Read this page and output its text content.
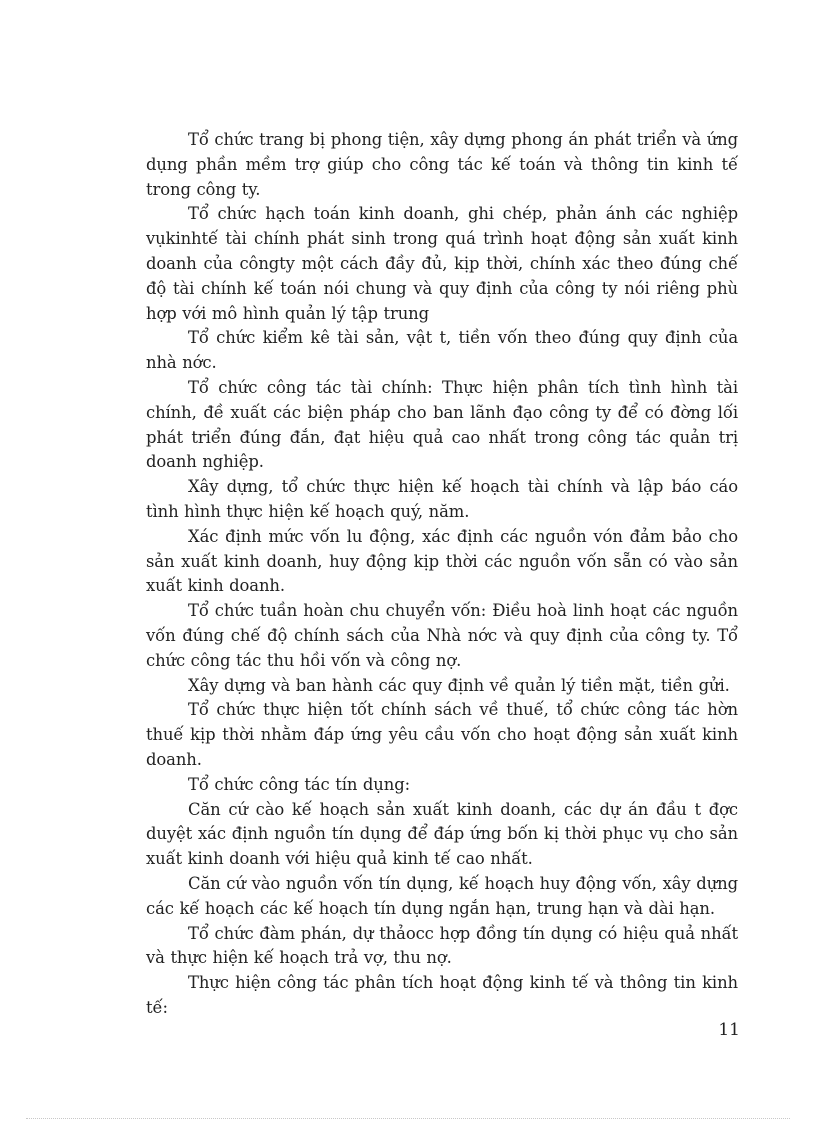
Tổ chức trang bị phong tiện, xây dựng phong án phát triển và ứng dụng phần mềm trợ giúp cho công tác kế toán và thông tin kinh tế trong công ty.

Tổ chức hạch toán kinh doanh, ghi chép, phản ánh các nghiệp vụkinhtế tài chính phát sinh trong quá trình hoạt động sản xuất kinh doanh của côngty một cách đầy đủ, kịp thời, chính xác theo đúng chế độ tài chính kế toán nói chung và quy định của công ty nói riêng phù hợp với mô hình quản lý tập trung

Tổ chức kiểm kê tài sản, vật t, tiền vốn theo đúng quy định của nhà nớc.

Tổ chức công tác tài chính: Thực hiện phân tích tình hình tài chính, đề xuất các biện pháp cho ban lãnh đạo công ty để có đờng lối phát triển đúng đắn, đạt hiệu quả cao nhất trong công tác quản trị doanh nghiệp.

Xây dựng, tổ chức thực hiện kế hoạch tài chính và lập báo cáo tình hình thực hiện kế hoạch quý, năm.

Xác định mức vốn lu động, xác định các nguồn vón đảm bảo cho sản xuất kinh doanh, huy động kịp thời các nguồn vốn sẵn có vào sản xuất kinh doanh.

Tổ chức tuần hoàn chu chuyển vốn: Điều hoà linh hoạt các nguồn vốn đúng chế độ chính sách của Nhà nớc và quy định của công ty. Tổ chức công tác thu hồi vốn và công nợ.

Xây dựng và ban hành các quy định về quản lý tiền mặt, tiền gửi.

Tổ chức thực hiện tốt chính sách về thuế, tổ chức công tác hờn thuế kịp thời nhằm đáp ứng yêu cầu vốn cho hoạt động sản xuất kinh doanh.

Tổ chức công tác tín dụng:

Căn cứ cào kế hoạch sản xuất kinh doanh, các dự án đầu t đợc duyệt xác định nguồn tín dụng để đáp ứng bốn kị thời phục vụ cho sản xuất kinh doanh với hiệu quả kinh tế cao nhất.

Căn cứ vào nguồn vốn tín dụng, kế hoạch huy động vốn, xây dựng các kế hoạch các kế hoạch tín dụng ngắn hạn, trung hạn và dài hạn.

Tổ chức đàm phán, dự thảocc hợp đồng tín dụng có hiệu quả nhất và thực hiện kế hoạch trả vợ, thu nợ.

Thực hiện công tác phân tích hoạt động kinh tế và thông tin kinh tế:

11
